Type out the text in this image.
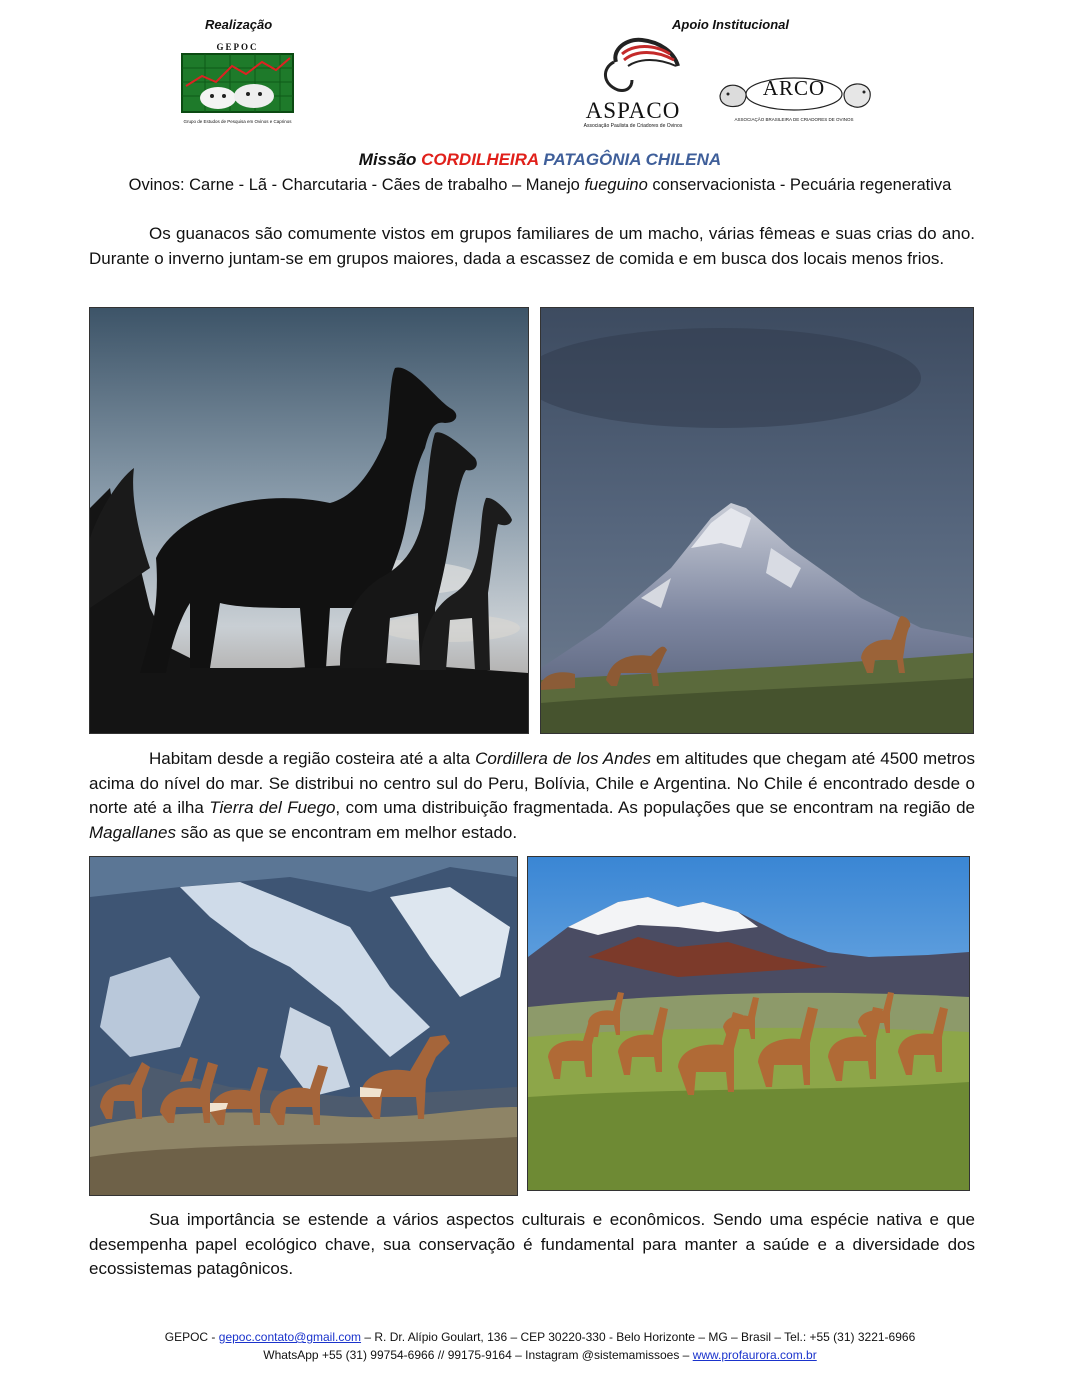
Realização	Apoio Institucional
GEPOC
Grupo de Estudos de Pesquisa em Ovinos e Caprinos	ASPACO
Associação Paulista de Criadores de Ovinos
ARCO
ASSOCIAÇÃO BRASILEIRA DE CRIADORES DE OVINOS
Missão CORDILHEIRA PATAGÔNIA CHILENA
Ovinos: Carne - Lã - Charcutaria - Cães de trabalho – Manejo fueguino conservacionista - Pecuária regenerativa
Os guanacos são comumente vistos em grupos familiares de um macho, várias fêmeas e suas crias do ano. Durante o inverno juntam-se em grupos maiores, dada a escassez de comida e em busca dos locais menos frios.
Habitam desde a região costeira até a alta Cordillera de los Andes em altitudes que chegam até 4500 metros acima do nível do mar. Se distribui no centro sul do Peru, Bolívia, Chile e Argentina. No Chile é encontrado desde o norte até a ilha Tierra del Fuego, com uma distribuição fragmentada. As populações que se encontram na região de Magallanes são as que se encontram em melhor estado.
Sua importância se estende a vários aspectos culturais e econômicos. Sendo uma espécie nativa e que desempenha papel ecológico chave, sua conservação é fundamental para manter a saúde e a diversidade dos ecossistemas patagônicos.
GEPOC - gepoc.contato@gmail.com – R. Dr. Alípio Goulart, 136 – CEP 30220-330 - Belo Horizonte – MG – Brasil – Tel.: +55 (31) 3221-6966
WhatsApp +55 (31) 99754-6966 // 99175-9164 – Instagram @sistemamissoes – www.profaurora.com.br
